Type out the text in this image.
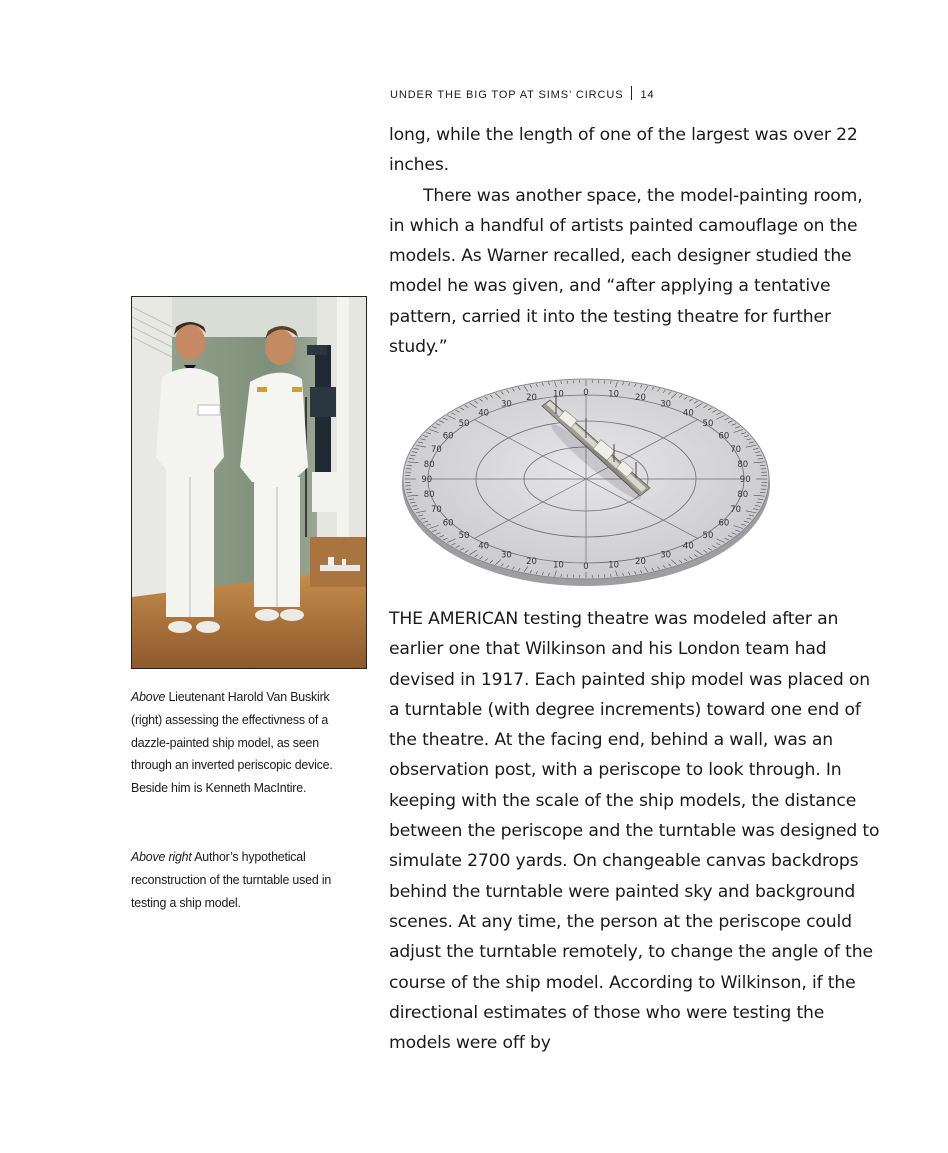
UNDER THE BIG TOP AT SIMS’ CIRCUS 14

long, while the length of one of the largest was over 22 inches.

There was another space, the model-painting room, in which a handful of artists painted camouflage on the models. As Warner recalled, each designer studied the model he was given, and “after applying a tentative pattern, carried it into the testing theatre for further study.”

0 10 20
30
40
50
60
70
80
90
80
70
60
50
40
30
20
10
0
10
20
30
40
50
60
70
80
90
80
70
60
50
40
30
20 10

THE AMERICAN testing theatre was modeled after an earlier one that Wilkinson and his London team had devised in 1917. Each painted ship model was placed on a turntable (with degree increments) toward one end of the theatre. At the facing end, behind a wall, was an observation post, with a periscope to look through. In keeping with the scale of the ship models, the distance between the periscope and the turntable was designed to simulate 2700 yards. On changeable canvas backdrops behind the turntable were painted sky and background scenes. At any time, the person at the periscope could adjust the turntable remotely, to change the angle of the course of the ship model. According to Wilkinson, if the directional estimates of those who were testing the models were off by

Above Lieutenant Harold Van Buskirk (right) assessing the effectivness of a dazzle-painted ship model, as seen through an inverted periscopic device. Beside him is Kenneth MacIntire.
Above right Author’s hypothetical reconstruction of the turntable used in testing a ship model.
